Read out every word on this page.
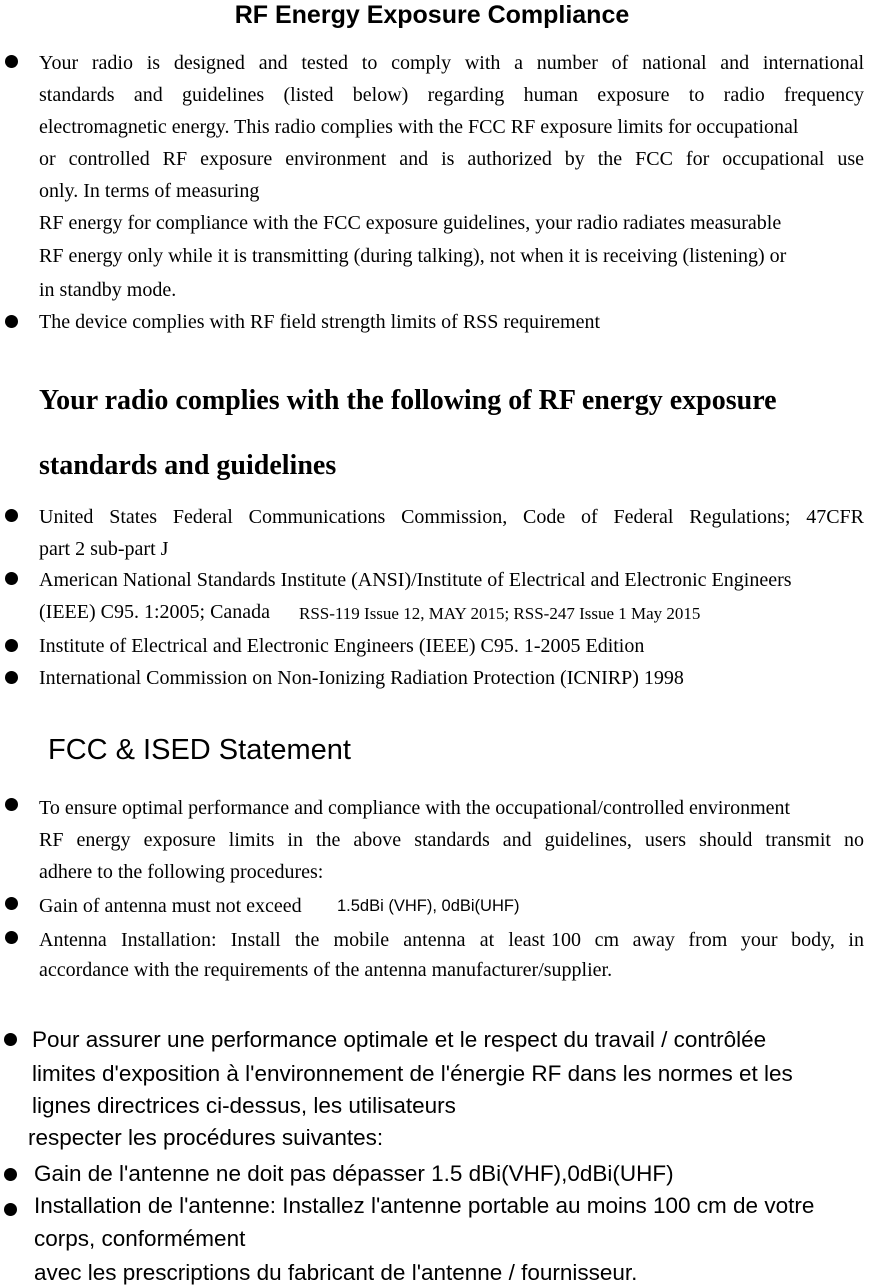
RF Energy Exposure Compliance
Your radio is designed and tested to comply with a number of national and international
standards and guidelines (listed below) regarding human exposure to radio frequency
electromagnetic energy. This radio complies with the FCC RF exposure limits for occupational
or controlled RF exposure environment and is authorized by the FCC for occupational use
only. In terms of measuring
RF energy for compliance with the FCC exposure guidelines, your radio radiates measurable
RF energy only while it is transmitting (during talking), not when it is receiving (listening) or
in standby mode.
The device complies with RF field strength limits of RSS requirement
Your radio complies with the following of RF energy exposure
standards and guidelines
United States Federal Communications Commission, Code of Federal Regulations; 47CFR
part 2 sub-part J
American National Standards Institute (ANSI)/Institute of Electrical and Electronic Engineers
(IEEE) C95. 1:2005; Canada RSS-119 Issue 12, MAY 2015; RSS-247 Issue 1 May 2015
Institute of Electrical and Electronic Engineers (IEEE) C95. 1-2005 Edition
International Commission on Non-Ionizing Radiation Protection (ICNIRP) 1998
FCC & ISED Statement
To ensure optimal performance and compliance with the occupational/controlled environment
RF energy exposure limits in the above standards and guidelines, users should transmit no
adhere to the following procedures:
Gain of antenna must not exceed 1.5dBi (VHF), 0dBi(UHF)
Antenna Installation: Install the mobile antenna at least 100 cm away from your body, in
accordance with the requirements of the antenna manufacturer/supplier.
Pour assurer une performance optimale et le respect du travail / contrôlée
limites d'exposition à l'environnement de l'énergie RF dans les normes et les
lignes directrices ci-dessus, les utilisateurs
respecter les procédures suivantes:
Gain de l'antenne ne doit pas dépasser 1.5 dBi(VHF),0dBi(UHF)
Installation de l'antenne: Installez l'antenne portable au moins 100 cm de votre
corps, conformément
avec les prescriptions du fabricant de l'antenne / fournisseur.
